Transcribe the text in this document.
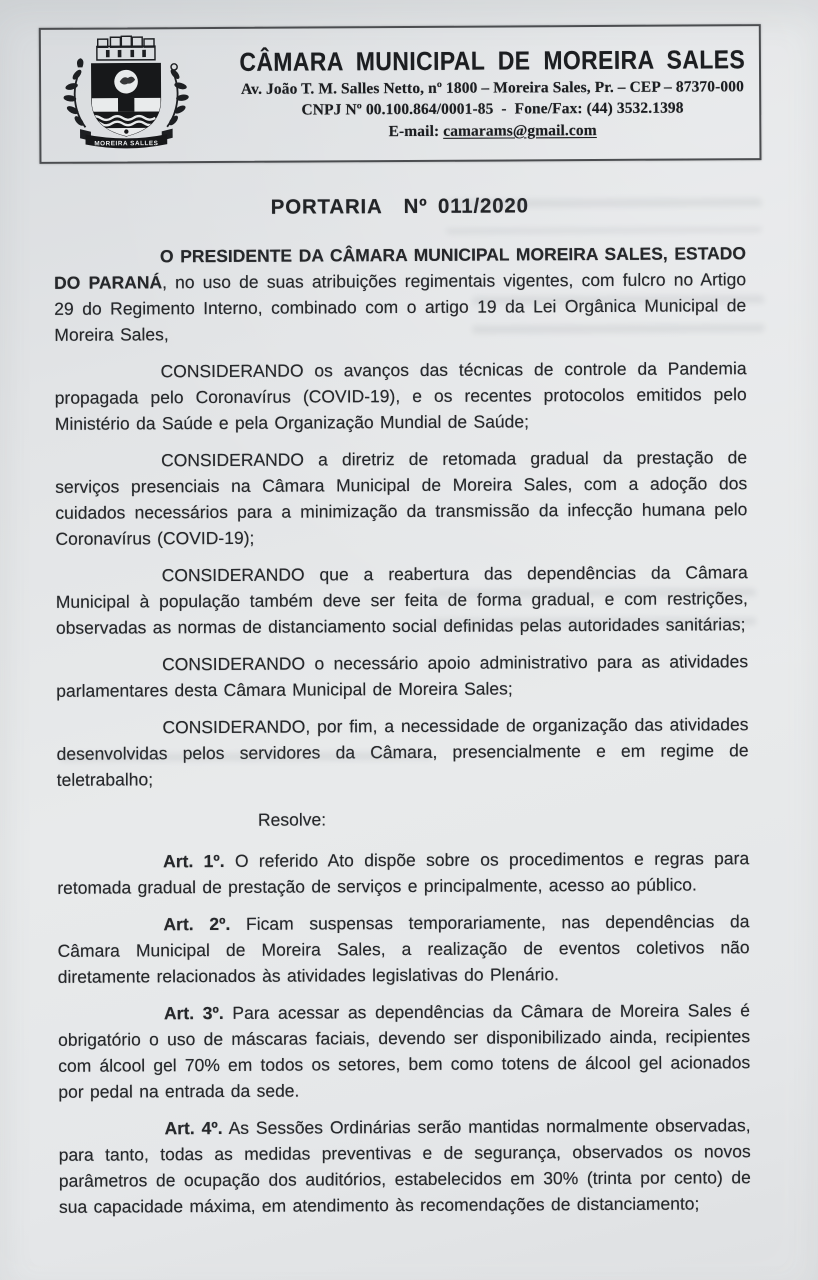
MOREIRA SALLES
CÂMARA MUNICIPAL DE MOREIRA SALES
Av. João T. M. Salles Netto, nº 1800 – Moreira Sales, Pr. – CEP – 87370-000
CNPJ Nº 00.100.864/0001-85  -  Fone/Fax: (44) 3532.1398
E-mail: camarams@gmail.com
PORTARIA  Nº 011/2020

O PRESIDENTE DA CÂMARA MUNICIPAL MOREIRA SALES, ESTADO DO PARANÁ, no uso de suas atribuições regimentais vigentes, com fulcro no Artigo 29 do Regimento Interno, combinado com o artigo 19 da Lei Orgânica Municipal de Moreira Sales,

CONSIDERANDO os avanços das técnicas de controle da Pandemia propagada pelo Coronavírus (COVID-19), e os recentes protocolos emitidos pelo Ministério da Saúde e pela Organização Mundial de Saúde;

CONSIDERANDO a diretriz de retomada gradual da prestação de serviços presenciais na Câmara Municipal de Moreira Sales, com a adoção dos cuidados necessários para a minimização da transmissão da infecção humana pelo Coronavírus (COVID-19);

CONSIDERANDO que a reabertura das dependências da Câmara Municipal à população também deve ser feita de forma gradual, e com restrições, observadas as normas de distanciamento social definidas pelas autoridades sanitárias;

CONSIDERANDO o necessário apoio administrativo para as atividades parlamentares desta Câmara Municipal de Moreira Sales;

CONSIDERANDO, por fim, a necessidade de organização das atividades desenvolvidas pelos servidores da Câmara, presencialmente e em regime de teletrabalho;

Resolve:

Art. 1º. O referido Ato dispõe sobre os procedimentos e regras para retomada gradual de prestação de serviços e principalmente, acesso ao público.

Art. 2º. Ficam suspensas temporariamente, nas dependências da Câmara Municipal de Moreira Sales, a realização de eventos coletivos não diretamente relacionados às atividades legislativas do Plenário.

Art. 3º. Para acessar as dependências da Câmara de Moreira Sales é obrigatório o uso de máscaras faciais, devendo ser disponibilizado ainda, recipientes com álcool gel 70% em todos os setores, bem como totens de álcool gel acionados por pedal na entrada da sede.

Art. 4º. As Sessões Ordinárias serão mantidas normalmente observadas, para tanto, todas as medidas preventivas e de segurança, observados os novos parâmetros de ocupação dos auditórios, estabelecidos em 30% (trinta por cento) de sua capacidade máxima, em atendimento às recomendações de distanciamento;
